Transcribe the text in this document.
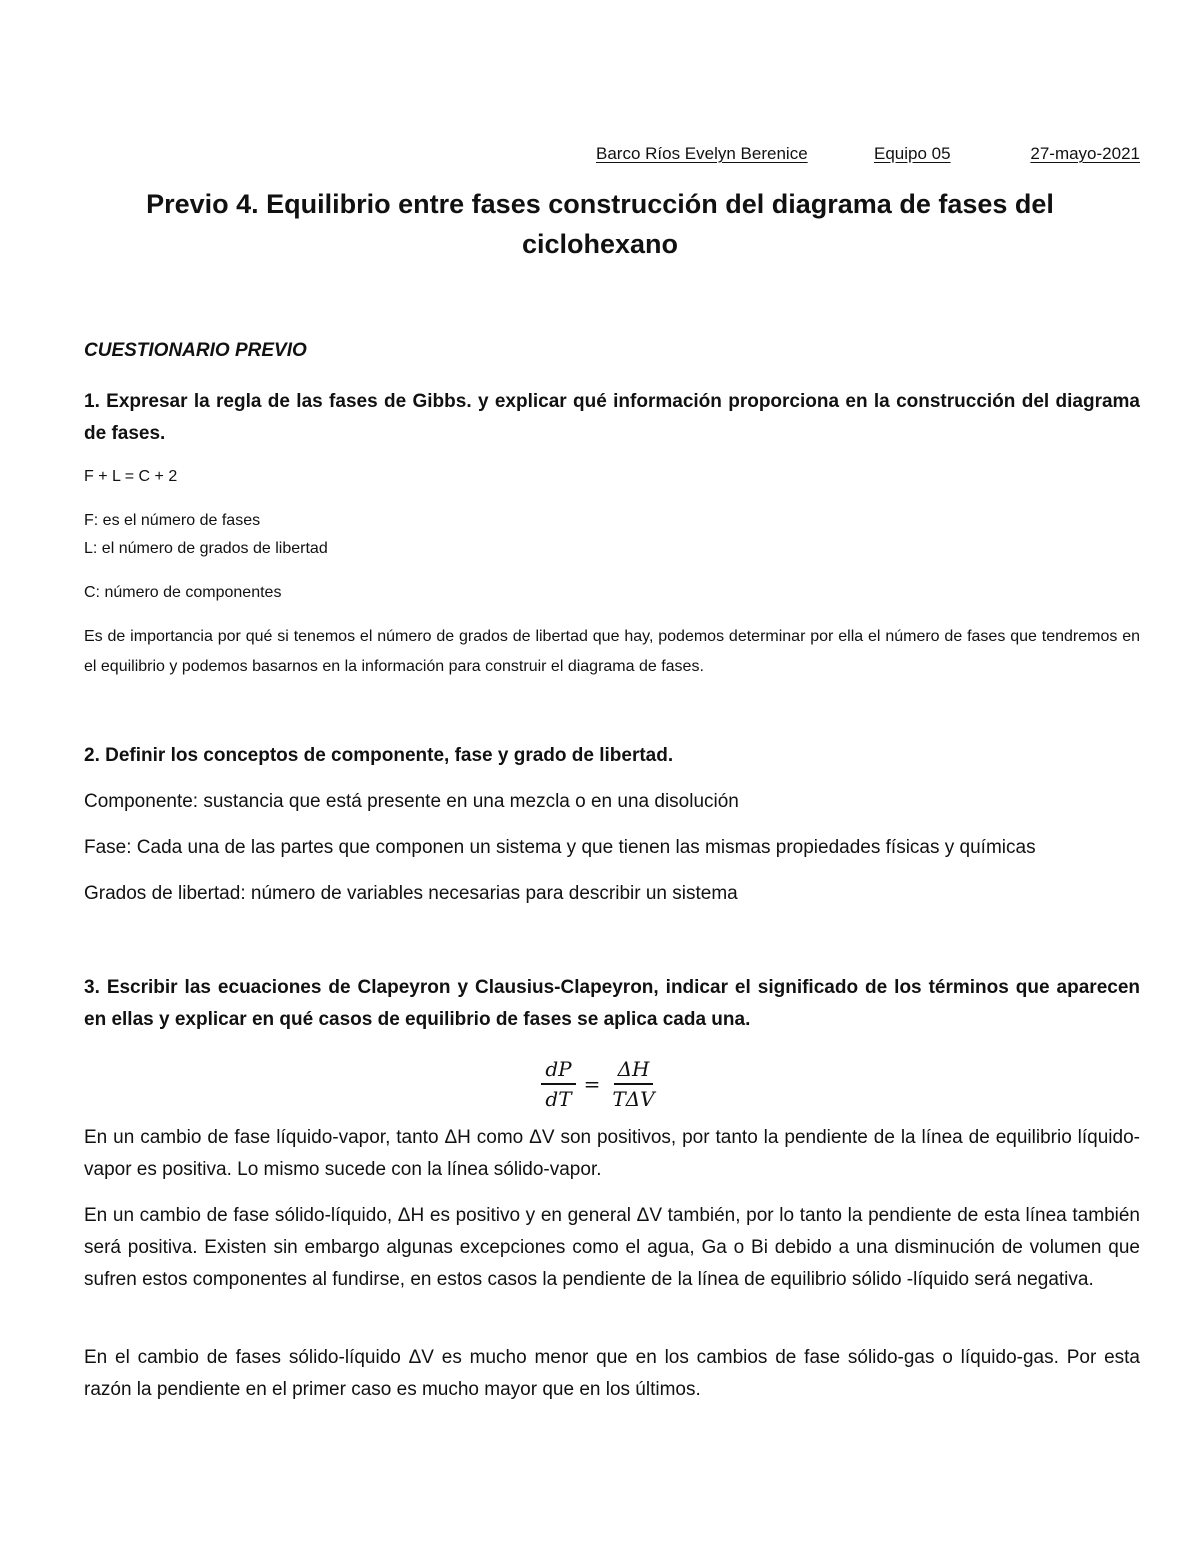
Barco Ríos Evelyn Berenice	Equipo 05	27-mayo-2021
Previo 4. Equilibrio entre fases construcción del diagrama de fases del ciclohexano
CUESTIONARIO PREVIO
1. Expresar la regla de las fases de Gibbs. y explicar qué información proporciona en la construcción del diagrama de fases.
F + L = C + 2
F: es el número de fases
L: el número de grados de libertad
C: número de componentes
Es de importancia por qué si tenemos el número de grados de libertad que hay, podemos determinar por ella el número de fases que tendremos en el equilibrio y podemos basarnos en la información para construir el diagrama de fases.
2. Definir los conceptos de componente, fase y grado de libertad.
Componente: sustancia que está presente en una mezcla o en una disolución
Fase: Cada una de las partes que componen un sistema y que tienen las mismas propiedades físicas y químicas
Grados de libertad: número de variables necesarias para describir un sistema
3. Escribir las ecuaciones de Clapeyron y Clausius-Clapeyron, indicar el significado de los términos que aparecen en ellas y explicar en qué casos de equilibrio de fases se aplica cada una.
$\frac{dP}{dT} = \frac{\Delta H}{\text{TΔV}}$
En un cambio de fase líquido-vapor, tanto ΔH como ΔV son positivos, por tanto la pendiente de la línea de equilibrio líquido-vapor es positiva. Lo mismo sucede con la línea sólido-vapor.
En un cambio de fase sólido-líquido, ΔH es positivo y en general ΔV también, por lo tanto la pendiente de esta línea también será positiva. Existen sin embargo algunas excepciones como el agua, Ga o Bi debido a una disminución de volumen que sufren estos componentes al fundirse, en estos casos la pendiente de la línea de equilibrio sólido -líquido será negativa.
En el cambio de fases sólido-líquido ΔV es mucho menor que en los cambios de fase sólido-gas o líquido-gas. Por esta razón la pendiente en el primer caso es mucho mayor que en los últimos.
